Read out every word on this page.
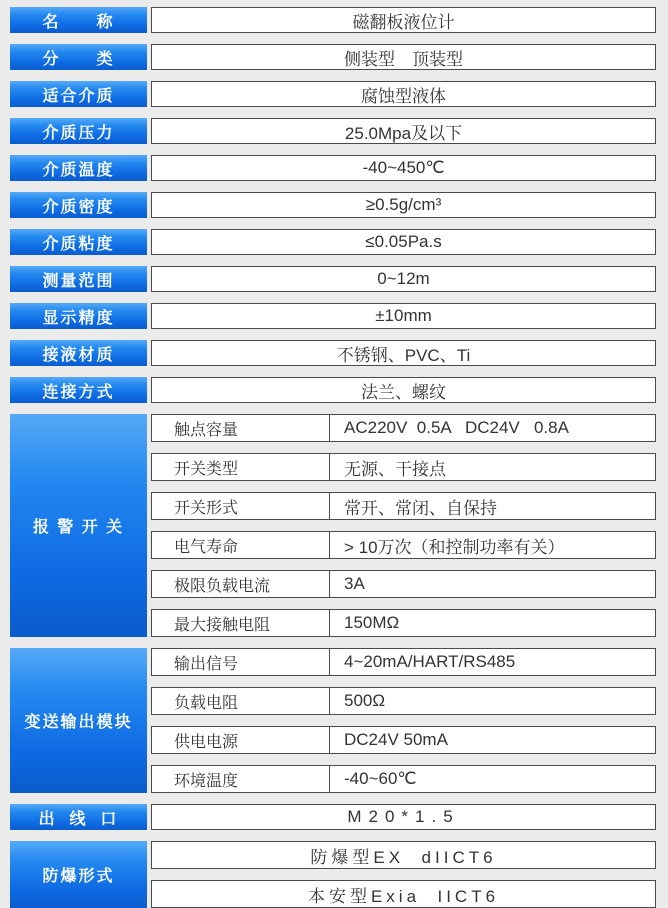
名　　称	磁翻板液位计
分　　类	侧装型　顶装型
适合介质	腐蚀型液体
介质压力	25.0Mpa及以下
介质温度	-40~450℃
介质密度	≥0.5g/cm³
介质粘度	≤0.05Pa.s
测量范围	0~12m
显示精度	±10mm
接液材质	不锈钢、PVC、Ti
连接方式	法兰、螺纹
报 警 开 关
触点容量	AC220V  0.5A   DC24V   0.8A
开关类型	无源、干接点
开关形式	常开、常闭、自保持
电气寿命	> 10万次（和控制功率有关）
极限负载电流	3A
最大接触电阻	150MΩ
变送输出模块
输出信号	4~20mA/HART/RS485
负载电阻	500Ω
供电电源	DC24V 50mA
环境温度	-40~60℃
出  线  口	M20*1.5
防爆形式
防爆型EX  dIICT6
本安型Exia  IICT6
